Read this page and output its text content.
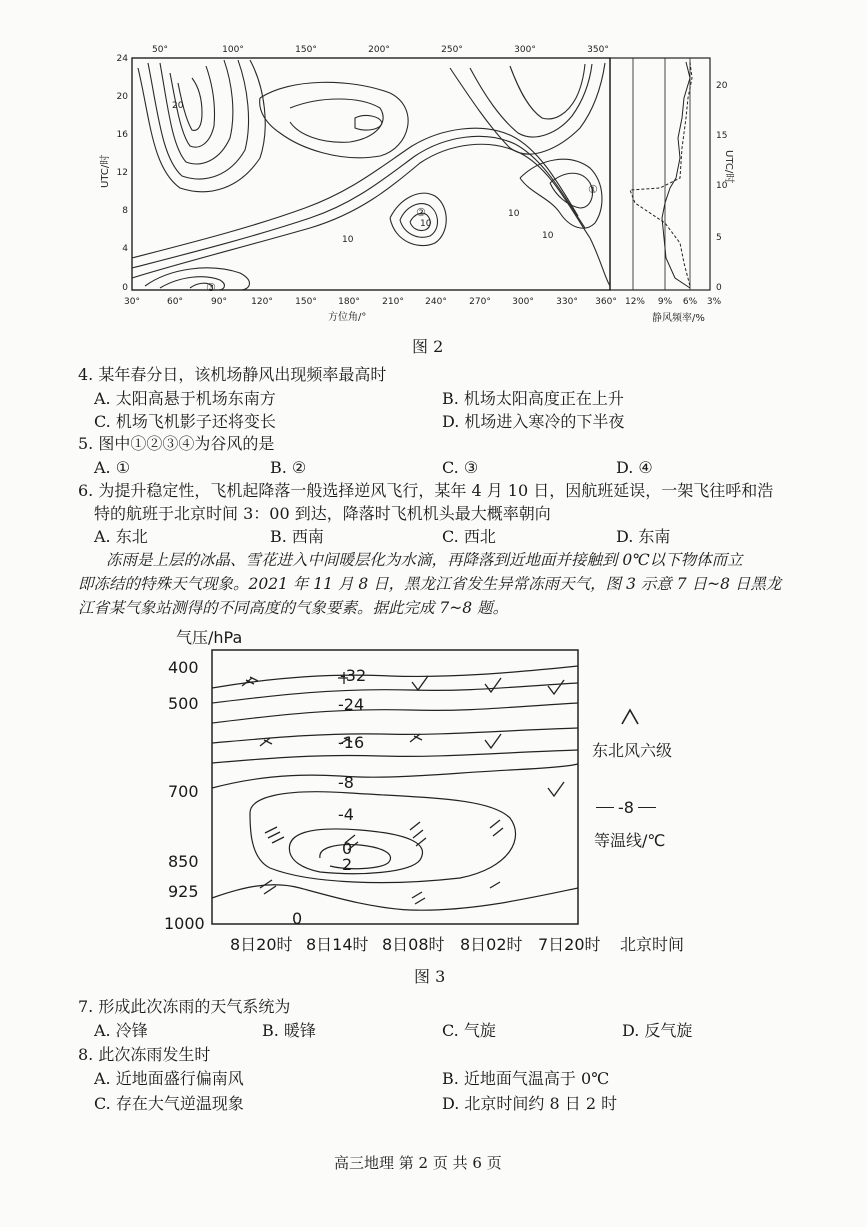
24
20
16
12
8
4
0
UTC/时
50°	100°	150°	200°	250°	300°	350°
30°	60°	90°	120° 150° 180° 210° 240° 270° 300° 330° 360°
方位角/°
20
10
10
10
10
①
②
③
12% 9% 6% 3%
静风频率/%
20
15
10
5
0
UTC/时
图 2
4. 某年春分日，该机场静风出现频率最高时
A. 太阳高悬于机场东南方	B. 机场太阳高度正在上升
C. 机场飞机影子还将变长	D. 机场进入寒冷的下半夜
5. 图中①②③④为谷风的是
A. ①	B. ②	C. ③	D. ④
6. 为提升稳定性，飞机起降落一般选择逆风飞行，某年 4 月 10 日，因航班延误，一架飞往呼和浩
特的航班于北京时间 3：00 到达，降落时飞机机头最大概率朝向
A. 东北	B. 西南	C. 西北	D. 东南
冻雨是上层的冰晶、雪花进入中间暖层化为水滴，再降落到近地面并接触到 0℃以下物体而立
即冻结的特殊天气现象。2021 年 11 月 8 日，黑龙江省发生异常冻雨天气，图 3 示意 7 日~8 日黑龙
江省某气象站测得的不同高度的气象要素。据此完成 7~8 题。
气压/hPa
400
500
700
850
925
1000
-32
-24
-16
-8
-4
0
2
0
8日20时 8日14时 8日08时 8日02时 7日20时 北京时间
东北风六级
-8
等温线/℃
图 3
7. 形成此次冻雨的天气系统为
A. 冷锋	B. 暖锋	C. 气旋	D. 反气旋
8. 此次冻雨发生时
A. 近地面盛行偏南风	B. 近地面气温高于 0℃
C. 存在大气逆温现象	D. 北京时间约 8 日 2 时
高三地理 第 2 页 共 6 页
